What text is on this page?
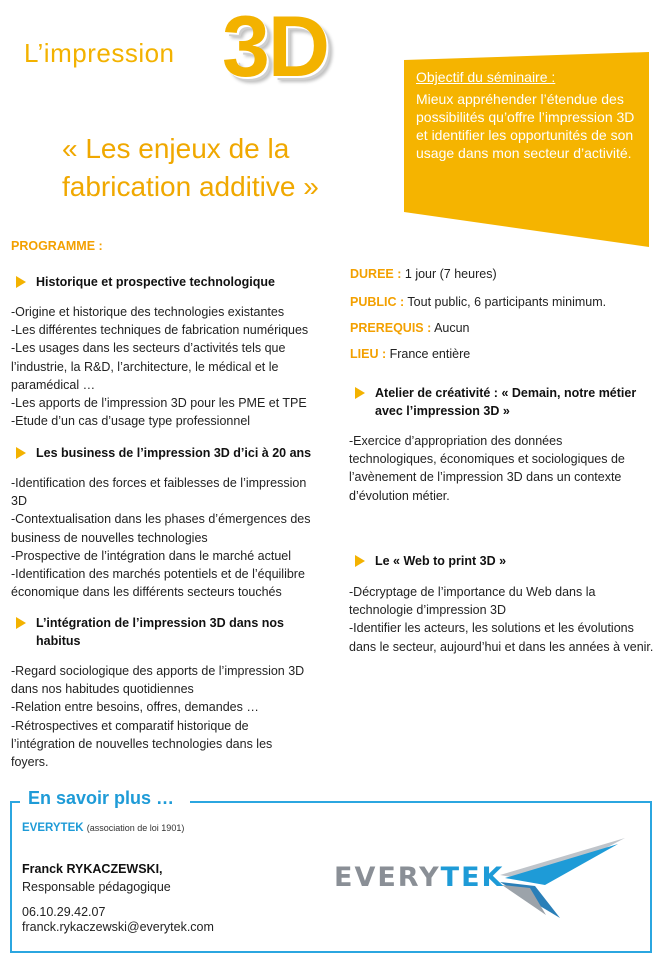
L’impression 3D
« Les enjeux de la
fabrication additive »
Objectif du séminaire :
Mieux appréhender l’étendue des possibilités qu’offre l’impression 3D et identifier les opportunités de son usage dans mon secteur d’activité.
PROGRAMME :
Historique et prospective technologique
-Origine et historique des technologies existantes
-Les différentes techniques de fabrication numériques
-Les usages dans les secteurs d’activités tels que
l’industrie, la R&D, l’architecture, le médical et le
paramédical …
-Les apports de l’impression 3D pour les PME et TPE
-Etude d’un cas d’usage type professionnel
Les business de l’impression 3D d’ici à 20 ans
-Identification des forces et faiblesses de l’impression
3D
-Contextualisation dans les phases d’émergences des
business de nouvelles technologies
-Prospective de l’intégration dans le marché actuel
-Identification des marchés potentiels et de l’équilibre
économique dans les différents secteurs touchés
L’intégration de l’impression 3D dans nos
habitus
-Regard sociologique des apports de l’impression 3D
dans nos habitudes quotidiennes
-Relation entre besoins, offres, demandes …
-Rétrospectives et comparatif historique de
l’intégration de nouvelles technologies dans les
foyers.
DUREE : 1 jour (7 heures)
PUBLIC : Tout public, 6 participants minimum.
PREREQUIS : Aucun
LIEU : France entière
Atelier de créativité : « Demain, notre métier
avec l’impression 3D »
-Exercice d’appropriation des données
technologiques, économiques et sociologiques de
l’avènement de l’impression 3D dans un contexte
d’évolution métier.
Le « Web to print 3D »
-Décryptage de l’importance du Web dans la
technologie d’impression 3D
-Identifier les acteurs, les solutions et les évolutions
dans le secteur, aujourd’hui et dans les années à venir.
En savoir plus …
EVERYTEK (association de loi 1901)
Franck RYKACZEWSKI,
Responsable pédagogique
06.10.29.42.07
franck.rykaczewski@everytek.com
EVERYTEK
